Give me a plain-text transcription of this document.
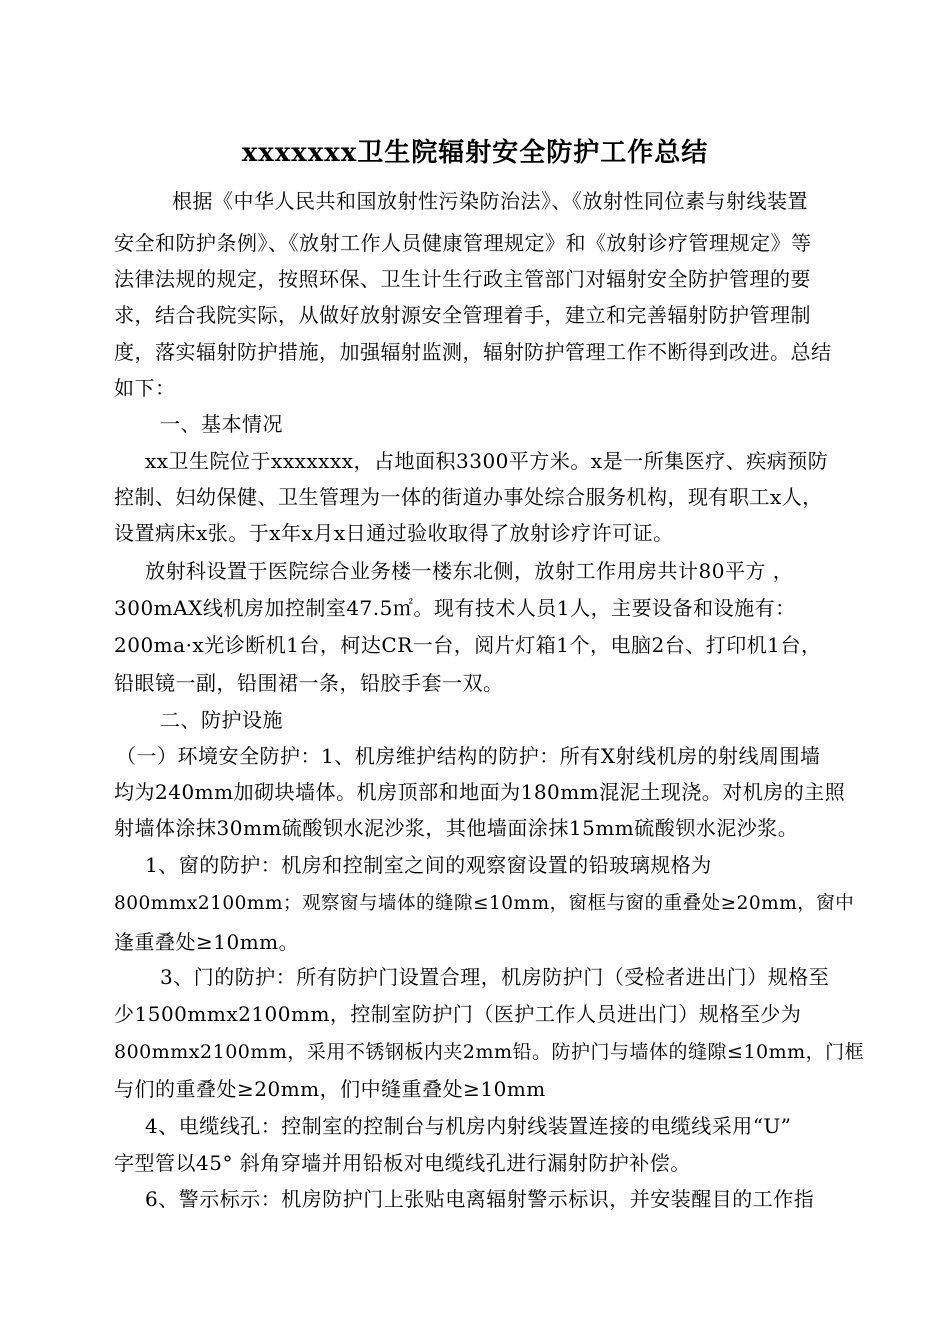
xxxxxxx卫生院辐射安全防护工作总结
根据《中华人民共和国放射性污染防治法》、《放射性同位素与射线装置
安全和防护条例》、《放射工作人员健康管理规定》和《放射诊疗管理规定》等
法律法规的规定，按照环保、卫生计生行政主管部门对辐射安全防护管理的要
求，结合我院实际，从做好放射源安全管理着手，建立和完善辐射防护管理制
度，落实辐射防护措施，加强辐射监测，辐射防护管理工作不断得到改进。总结
如下：
一、基本情况
xx卫生院位于xxxxxxx，占地面积3300平方米。x是一所集医疗、疾病预防
控制、妇幼保健、卫生管理为一体的街道办事处综合服务机构，现有职工x人，
设置病床x张。于x年x月x日通过验收取得了放射诊疗许可证。
放射科设置于医院综合业务楼一楼东北侧，放射工作用房共计80平方 ，
300mAX线机房加控制室47.5㎡。现有技术人员1人，主要设备和设施有：
200ma·x光诊断机1台，柯达CR一台，阅片灯箱1个，电脑2台、打印机1台，
铅眼镜一副，铅围裙一条，铅胶手套一双。
二、防护设施
（一）环境安全防护：1、机房维护结构的防护：所有X射线机房的射线周围墙
均为240mm加砌块墙体。机房顶部和地面为180mm混泥土现浇。对机房的主照
射墙体涂抹30mm硫酸钡水泥沙浆，其他墙面涂抹15mm硫酸钡水泥沙浆。
1、窗的防护：机房和控制室之间的观察窗设置的铅玻璃规格为
800mmx2100mm；观察窗与墙体的缝隙≤10mm，窗框与窗的重叠处≥20mm，窗中
逢重叠处≥10mm。
3、门的防护：所有防护门设置合理，机房防护门（受检者进出门）规格至
少1500mmx2100mm，控制室防护门（医护工作人员进出门）规格至少为
800mmx2100mm，采用不锈钢板内夹2mm铅。防护门与墙体的缝隙≤10mm，门框
与们的重叠处≥20mm，们中缝重叠处≥10mm
4、电缆线孔：控制室的控制台与机房内射线装置连接的电缆线采用“U”
字型管以45° 斜角穿墙并用铅板对电缆线孔进行漏射防护补偿。
6、警示标示：机房防护门上张贴电离辐射警示标识，并安装醒目的工作指
